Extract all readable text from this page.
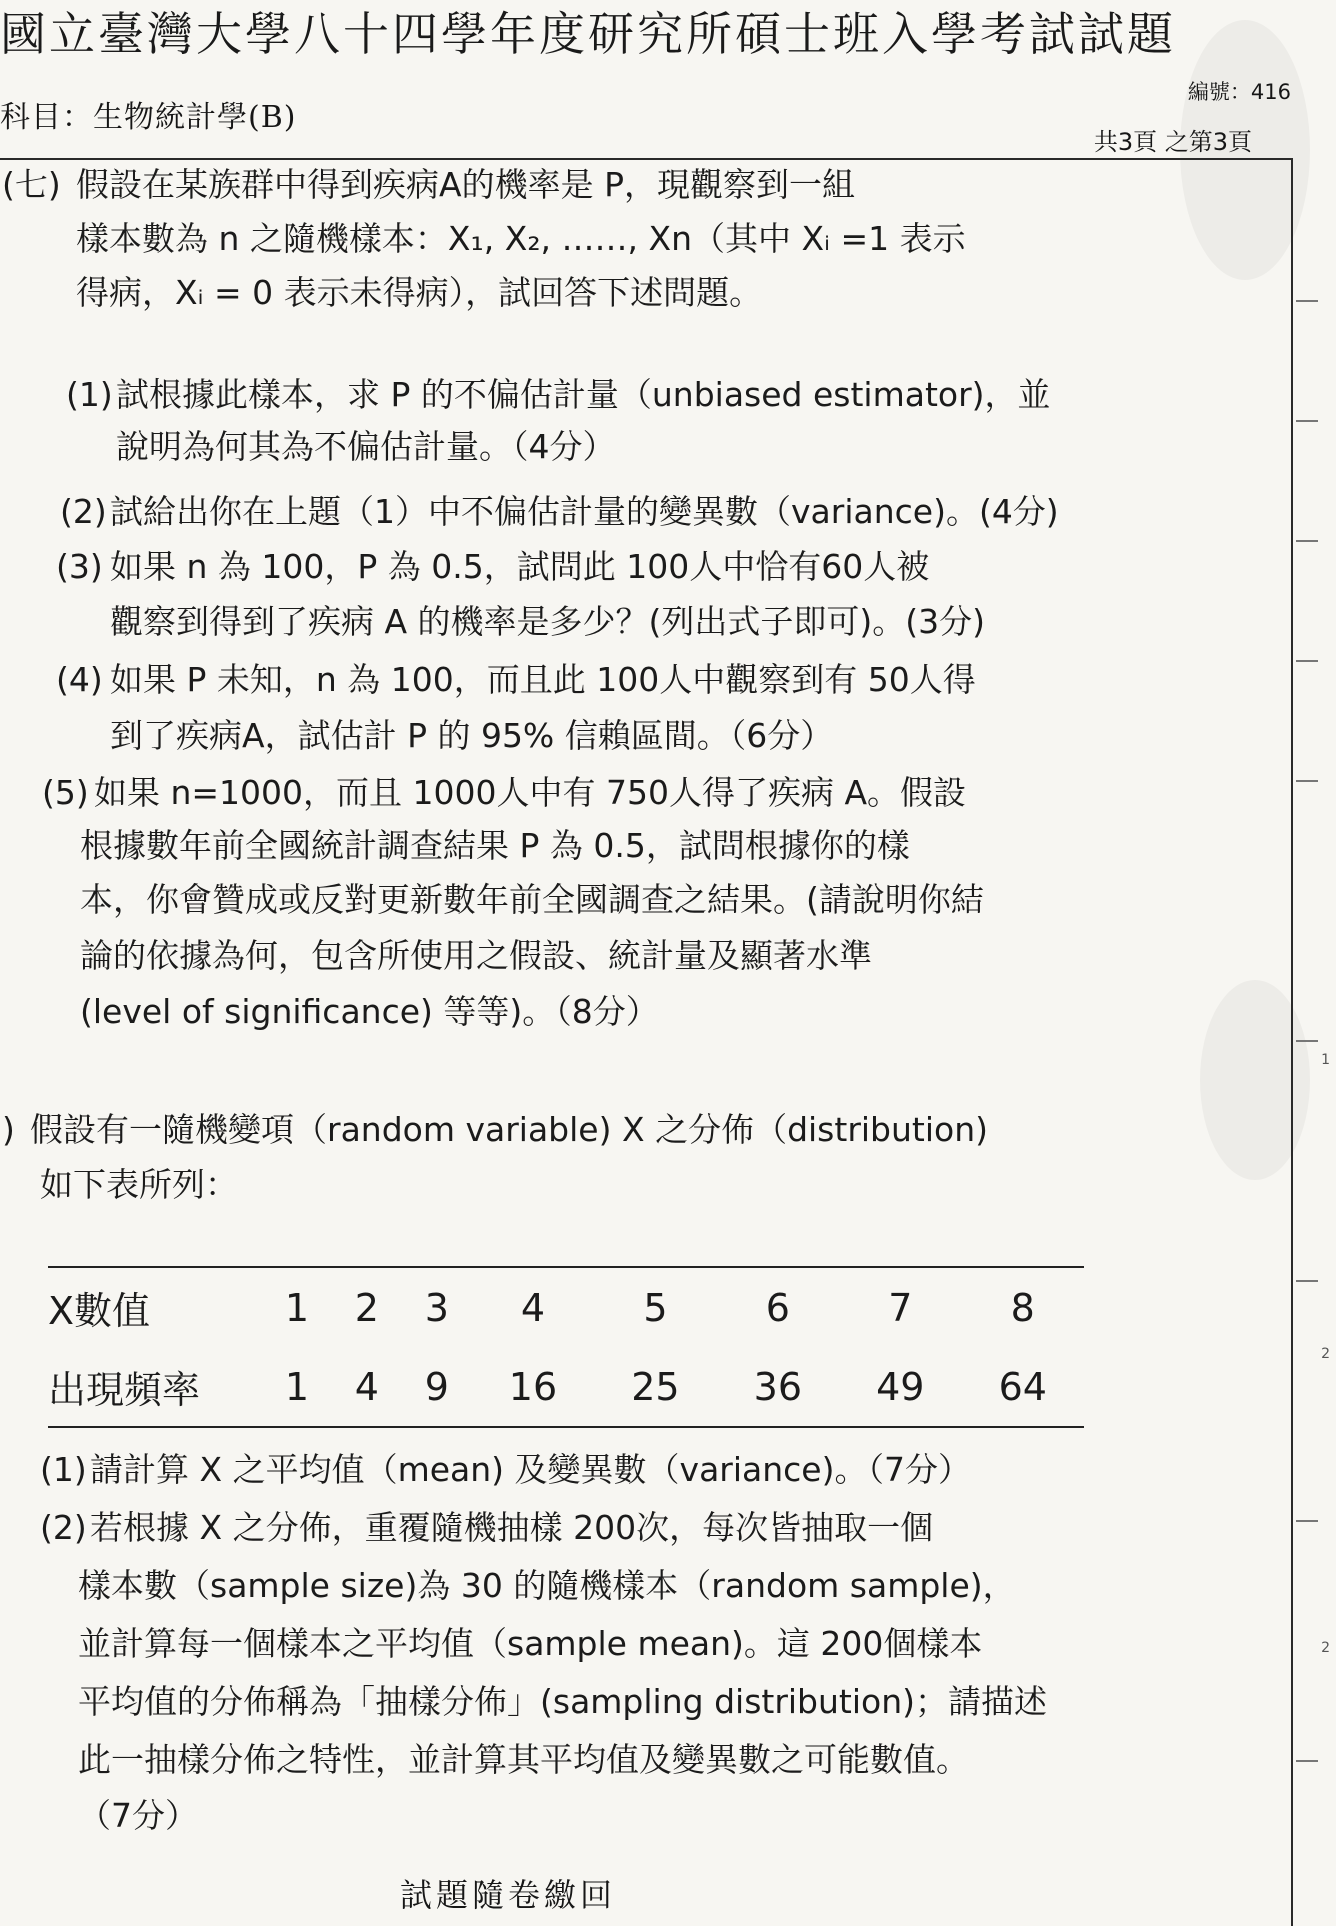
國立臺灣大學八十四學年度研究所碩士班入學考試試題
科目：生物統計學(B)
編號：416
共3頁 之第3頁
(七) 假設在某族群中得到疾病A的機率是 P，現觀察到一組
樣本數為 n 之隨機樣本：X₁, X₂, ……, Xn（其中 Xᵢ =1 表示
得病，Xᵢ = 0 表示未得病），試回答下述問題。
(1) 試根據此樣本，求 P 的不偏估計量（unbiased estimator)，並
說明為何其為不偏估計量。（4分）
(2) 試給出你在上題（1）中不偏估計量的變異數（variance)。(4分)
(3) 如果 n 為 100，P 為 0.5，試問此 100人中恰有60人被
觀察到得到了疾病 A 的機率是多少？(列出式子即可)。(3分)
(4) 如果 P 未知，n 為 100，而且此 100人中觀察到有 50人得
到了疾病A，試估計 P 的 95% 信賴區間。（6分）
(5) 如果 n=1000，而且 1000人中有 750人得了疾病 A。假設
根據數年前全國統計調查結果 P 為 0.5，試問根據你的樣
本，你會贊成或反對更新數年前全國調查之結果。(請說明你結
論的依據為何，包含所使用之假設、統計量及顯著水準
(level of significance) 等等)。（8分）
) 假設有一隨機變項（random variable) X 之分佈（distribution)
如下表所列：
X數值	1	2	3	4	5	6	7	8
出現頻率	1	4	9	16	25	36	49	64
(1) 請計算 X 之平均值（mean) 及變異數（variance)。（7分）
(2) 若根據 X 之分佈，重覆隨機抽樣 200次，每次皆抽取一個
樣本數（sample size)為 30 的隨機樣本（random sample)，
並計算每一個樣本之平均值（sample mean)。這 200個樣本
平均值的分佈稱為「抽樣分佈」(sampling distribution)；請描述
此一抽樣分佈之特性，並計算其平均值及變異數之可能數值。
（7分）
試題隨卷繳回
1
2
2
